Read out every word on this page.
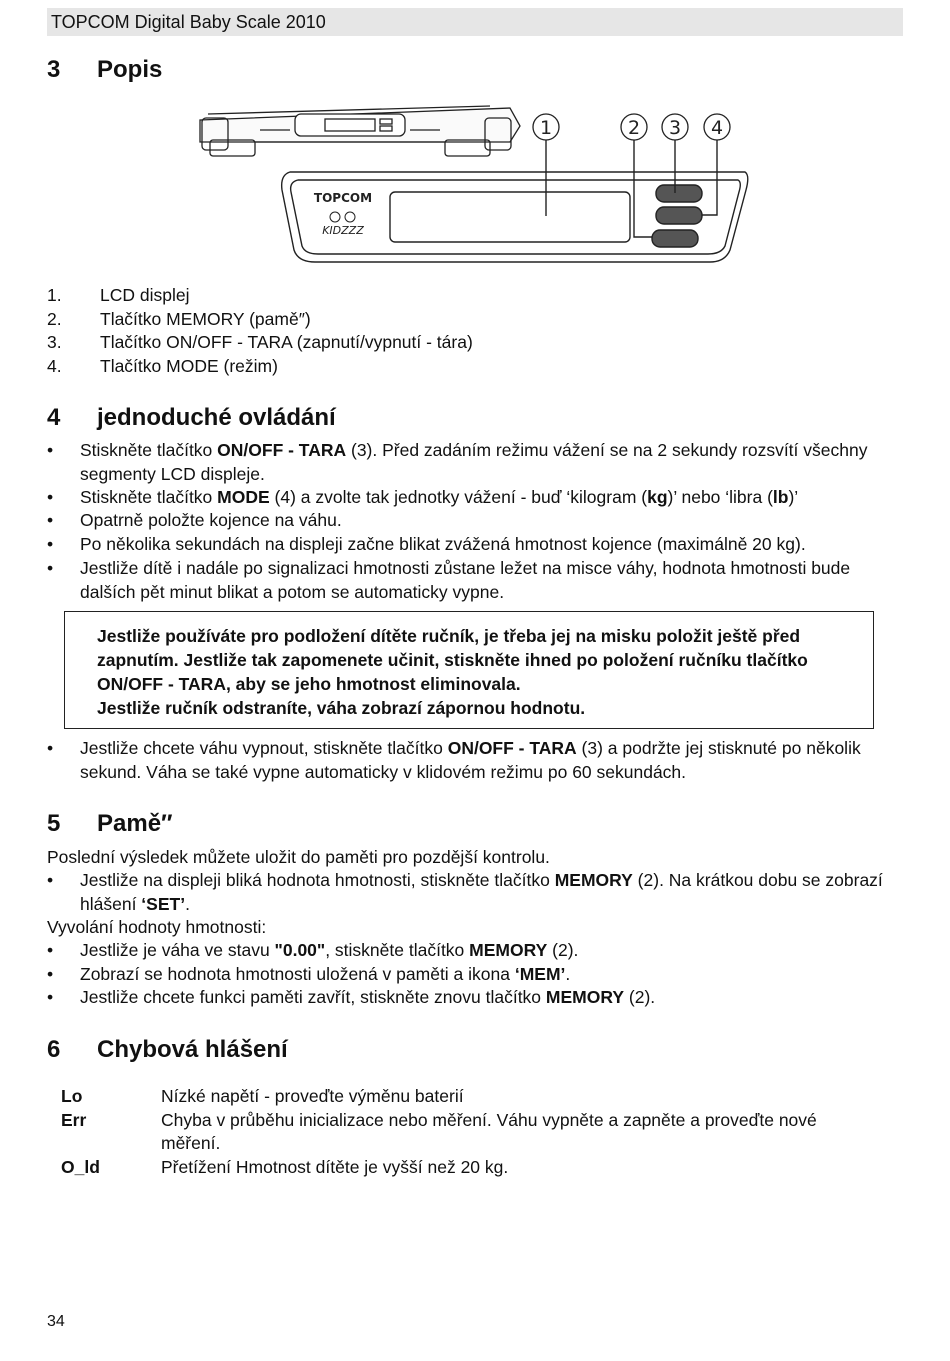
TOPCOM Digital Baby Scale 2010
3 Popis
1	2 3 4
TOPCOM
KIDZZZ
1. LCD displej
2. Tlačítko MEMORY (pamě″)
3. Tlačítko ON/OFF - TARA (zapnutí/vypnutí - tára)
4. Tlačítko MODE (režim)
4 jednoduché ovládání
• Stiskněte tlačítko ON/OFF - TARA (3). Před zadáním režimu vážení se na 2 sekundy rozsvítí všechny segmenty LCD displeje.
• Stiskněte tlačítko MODE (4) a zvolte tak jednotky vážení - buď ‘kilogram (kg)’ nebo ‘libra (lb)’
• Opatrně položte kojence na váhu.
• Po několika sekundách na displeji začne blikat zvážená hmotnost kojence (maximálně 20 kg).
• Jestliže dítě i nadále po signalizaci hmotnosti zůstane ležet na misce váhy, hodnota hmotnosti bude dalších pět minut blikat a potom se automaticky vypne.
Jestliže používáte pro podložení dítěte ručník, je třeba jej na misku položit ještě před zapnutím. Jestliže tak zapomenete učinit, stiskněte ihned po položení ručníku tlačítko ON/OFF - TARA, aby se jeho hmotnost eliminovala.
Jestliže ručník odstraníte, váha zobrazí zápornou hodnotu.
• Jestliže chcete váhu vypnout, stiskněte tlačítko ON/OFF - TARA (3) a podržte jej stisknuté po několik sekund. Váha se také vypne automaticky v klidovém režimu po 60 sekundách.
5 Pamě″
Poslední výsledek můžete uložit do paměti pro pozdější kontrolu.
• Jestliže na displeji bliká hodnota hmotnosti, stiskněte tlačítko MEMORY (2). Na krátkou dobu se zobrazí hlášení ‘SET’.
Vyvolání hodnoty hmotnosti:
• Jestliže je váha ve stavu "0.00", stiskněte tlačítko MEMORY (2).
• Zobrazí se hodnota hmotnosti uložená v paměti a ikona ‘MEM’.
• Jestliže chcete funkci paměti zavřít, stiskněte znovu tlačítko MEMORY (2).
6 Chybová hlášení
Lo	Nízké napětí - proveďte výměnu baterií
Err	Chyba v průběhu inicializace nebo měření. Váhu vypněte a zapněte a proveďte nové měření.
O_ld	Přetížení Hmotnost dítěte je vyšší než 20 kg.
34
